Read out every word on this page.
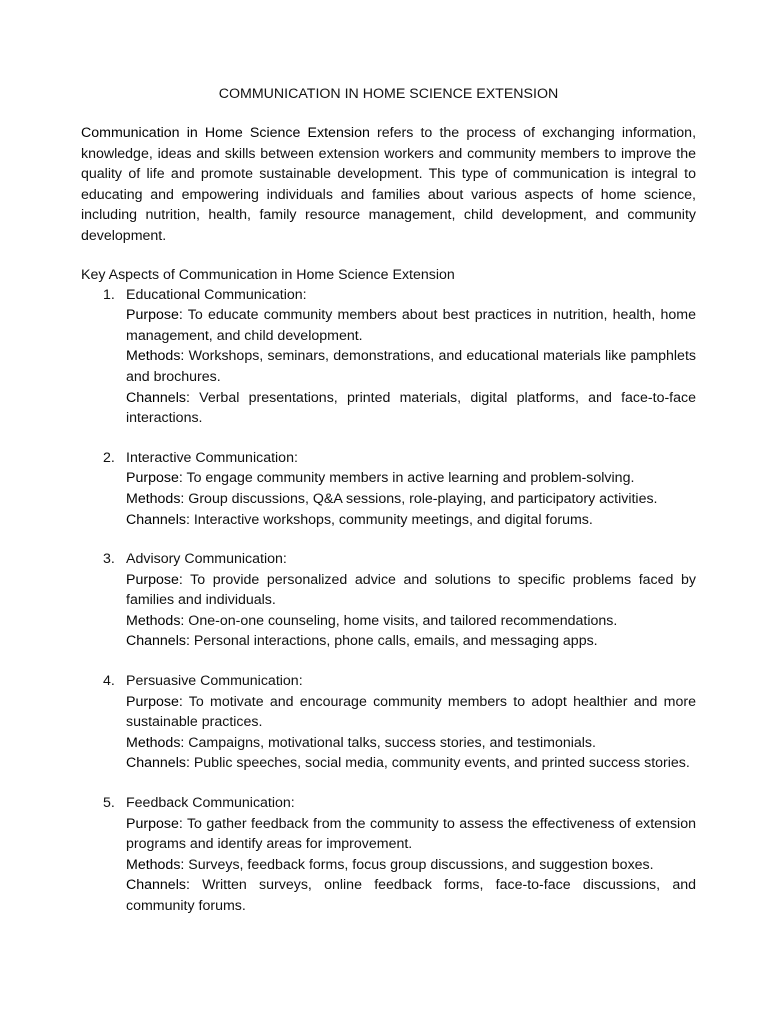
COMMUNICATION IN HOME SCIENCE EXTENSION

Communication in Home Science Extension refers to the process of exchanging information, knowledge, ideas and skills between extension workers and community members to improve the quality of life and promote sustainable development. This type of communication is integral to educating and empowering individuals and families about various aspects of home science, including nutrition, health, family resource management, child development, and community development.

Key Aspects of Communication in Home Science Extension

1. Educational Communication:
Purpose: To educate community members about best practices in nutrition, health, home management, and child development.
Methods: Workshops, seminars, demonstrations, and educational materials like pamphlets and brochures.
Channels: Verbal presentations, printed materials, digital platforms, and face-to-face interactions.
2. Interactive Communication:
Purpose: To engage community members in active learning and problem-solving.
Methods: Group discussions, Q&A sessions, role-playing, and participatory activities.
Channels: Interactive workshops, community meetings, and digital forums.
3. Advisory Communication:
Purpose: To provide personalized advice and solutions to specific problems faced by families and individuals.
Methods: One-on-one counseling, home visits, and tailored recommendations.
Channels: Personal interactions, phone calls, emails, and messaging apps.
4. Persuasive Communication:
Purpose: To motivate and encourage community members to adopt healthier and more sustainable practices.
Methods: Campaigns, motivational talks, success stories, and testimonials.
Channels: Public speeches, social media, community events, and printed success stories.
5. Feedback Communication:
Purpose: To gather feedback from the community to assess the effectiveness of extension programs and identify areas for improvement.
Methods: Surveys, feedback forms, focus group discussions, and suggestion boxes.
Channels: Written surveys, online feedback forms, face-to-face discussions, and community forums.
